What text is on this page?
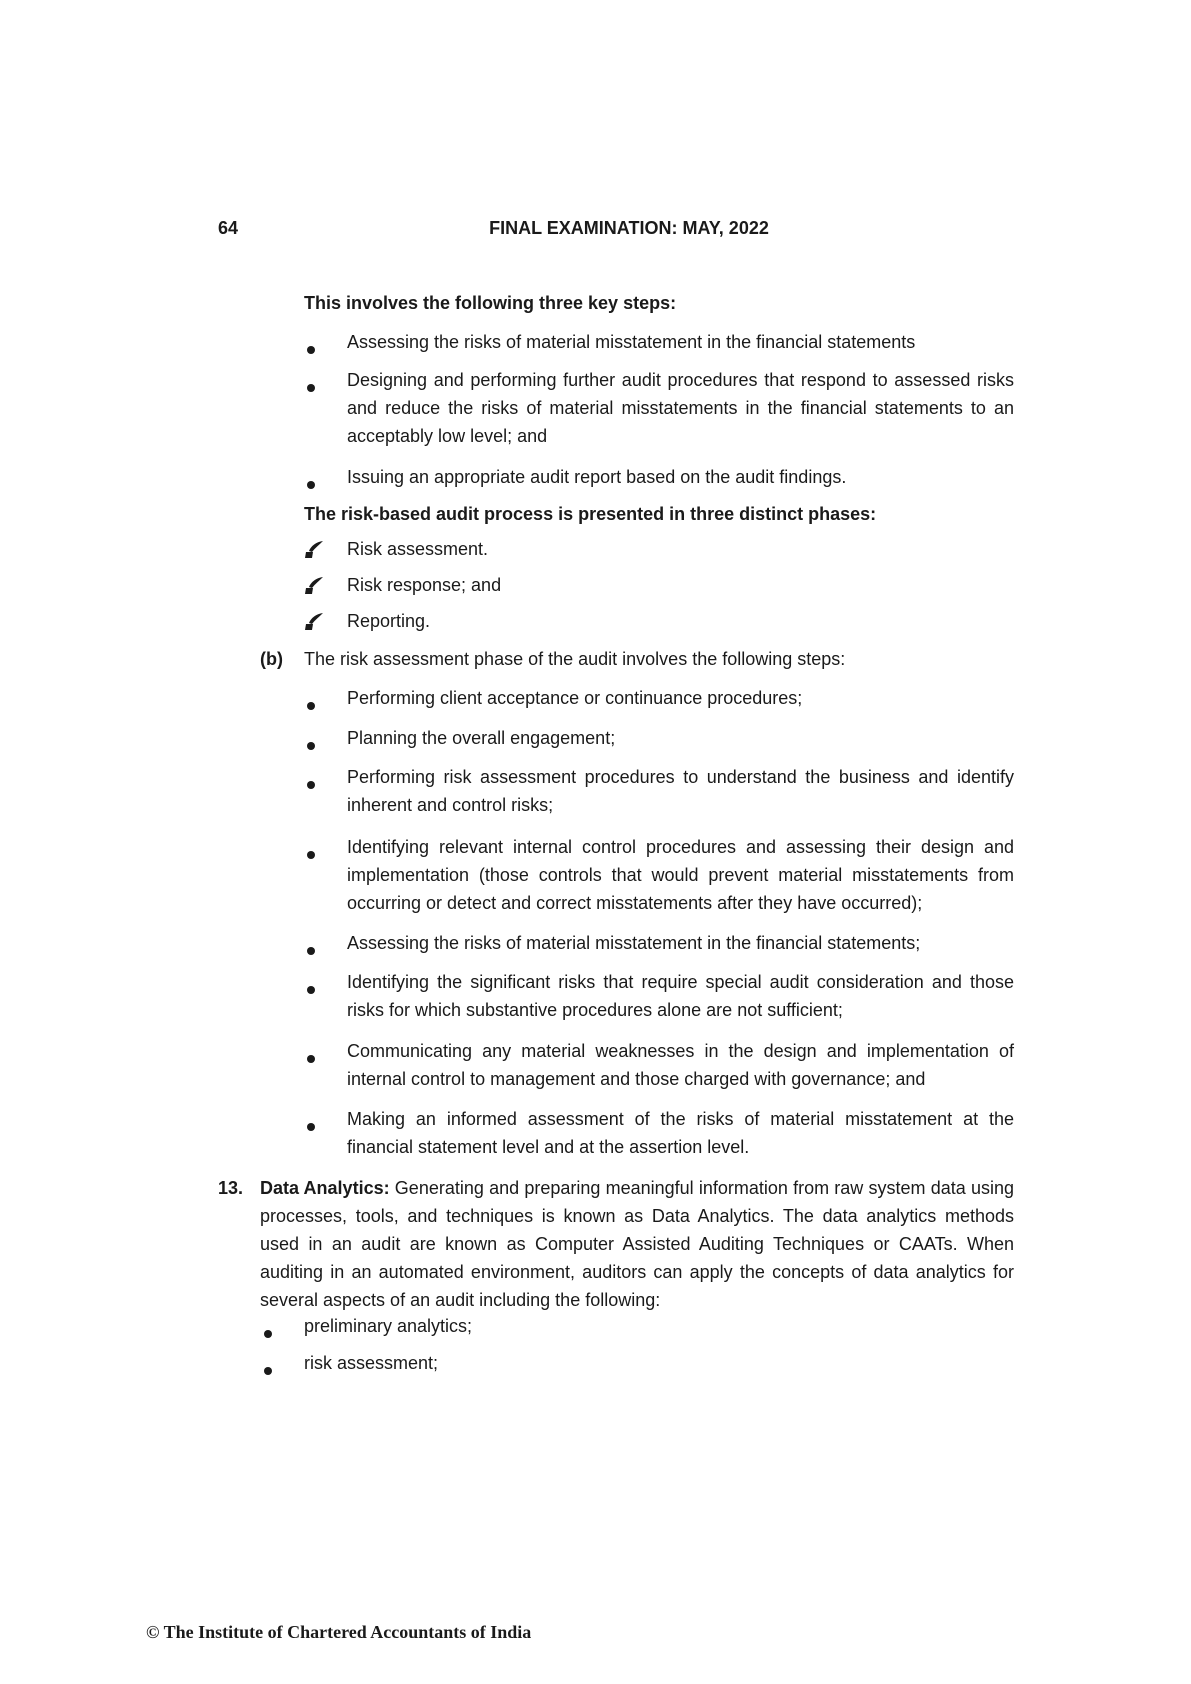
64	FINAL EXAMINATION: MAY, 2022
This involves the following three key steps:
Assessing the risks of material misstatement in the financial statements
Designing and performing further audit procedures that respond to assessed risks and reduce the risks of material misstatements in the financial statements to an acceptably low level; and
Issuing an appropriate audit report based on the audit findings.
The risk-based audit process is presented in three distinct phases:
Risk assessment.
Risk response; and
Reporting.
(b) The risk assessment phase of the audit involves the following steps:
Performing client acceptance or continuance procedures;
Planning the overall engagement;
Performing risk assessment procedures to understand the business and identify inherent and control risks;
Identifying relevant internal control procedures and assessing their design and implementation (those controls that would prevent material misstatements from occurring or detect and correct misstatements after they have occurred);
Assessing the risks of material misstatement in the financial statements;
Identifying the significant risks that require special audit consideration and those risks for which substantive procedures alone are not sufficient;
Communicating any material weaknesses in the design and implementation of internal control to management and those charged with governance; and
Making an informed assessment of the risks of material misstatement at the financial statement level and at the assertion level.
13. Data Analytics: Generating and preparing meaningful information from raw system data using processes, tools, and techniques is known as Data Analytics. The data analytics methods used in an audit are known as Computer Assisted Auditing Techniques or CAATs. When auditing in an automated environment, auditors can apply the concepts of data analytics for several aspects of an audit including the following:
preliminary analytics;
risk assessment;
© The Institute of Chartered Accountants of India
